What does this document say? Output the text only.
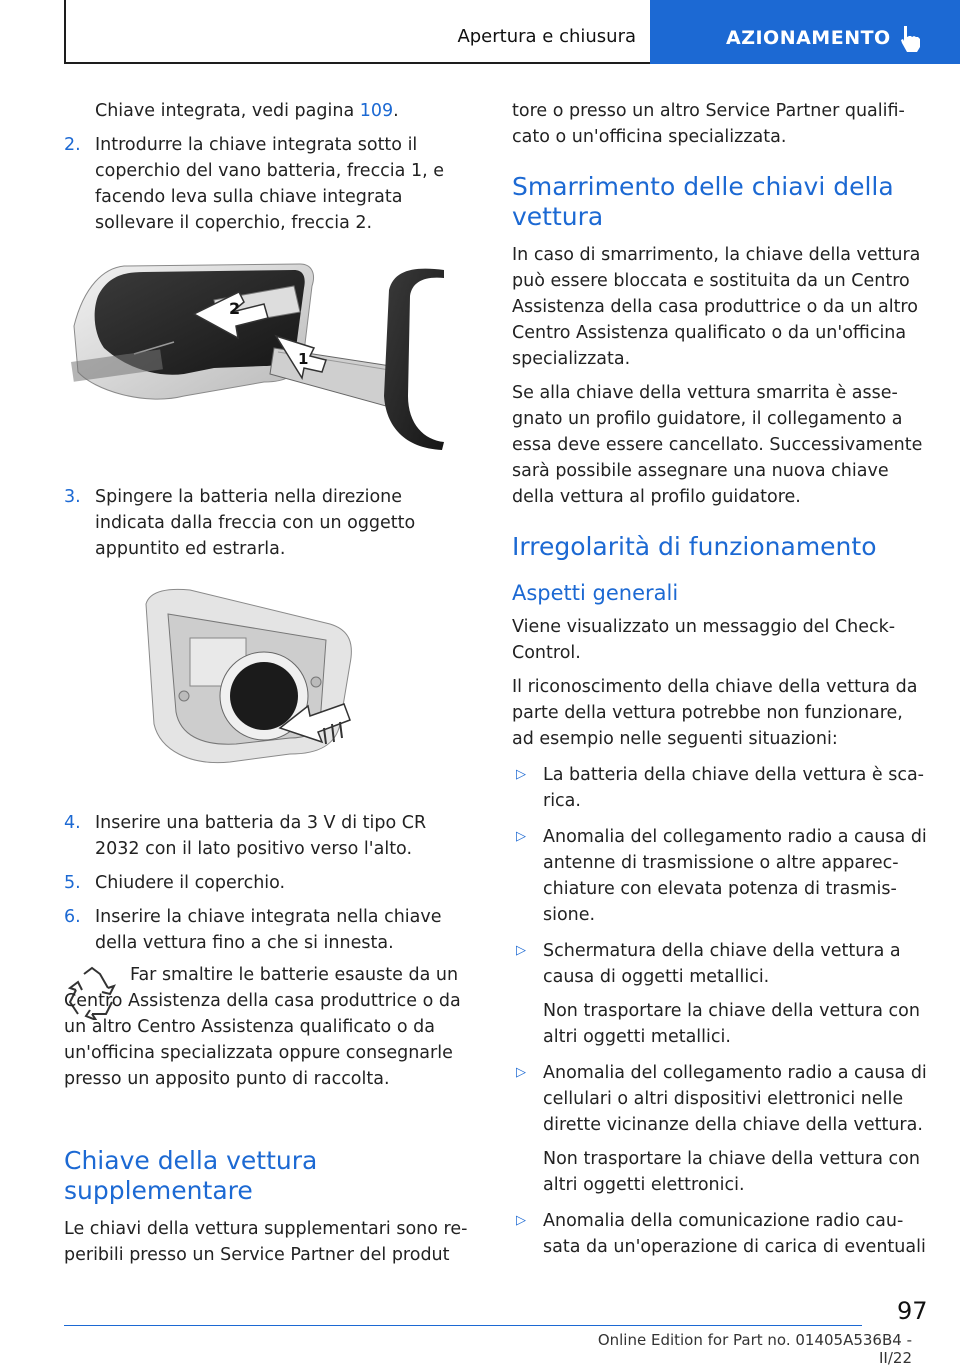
Apertura e chiusura	AZIONAMENTO

Chiave integrata, vedi pagina 109.

2. Introdurre la chiave integrata sotto il coperchio del vano batteria, freccia 1, e facendo leva sulla chiave integrata sollevare il coperchio, freccia 2.

2
1

3. Spingere la batteria nella direzione indicata dalla freccia con un oggetto appuntito ed estrarla.

4. Inserire una batteria da 3 V di tipo CR 2032 con il lato positivo verso l'alto.

5. Chiudere il coperchio.

6. Inserire la chiave integrata nella chiave della vettura fino a che si innesta.

Far smaltire le batterie esauste da un Centro Assistenza della casa produttrice o da un altro Centro Assistenza qualificato o da un'officina specializzata oppure consegnarle presso un apposito punto di raccolta.

Chiave della vettura supplementare

Le chiavi della vettura supplementari sono reperibili presso un Service Partner del produt

tore o presso un altro Service Partner qualificato o un'officina specializzata.

Smarrimento delle chiavi della vettura

In caso di smarrimento, la chiave della vettura può essere bloccata e sostituita da un Centro Assistenza della casa produttrice o da un altro Centro Assistenza qualificato o da un'officina specializzata.

Se alla chiave della vettura smarrita è assegnato un profilo guidatore, il collegamento a essa deve essere cancellato. Successivamente sarà possibile assegnare una nuova chiave della vettura al profilo guidatore.

Irregolarità di funzionamento
Aspetti generali

Viene visualizzato un messaggio del Check-Control.

Il riconoscimento della chiave della vettura da parte della vettura potrebbe non funzionare, ad esempio nelle seguenti situazioni:

▷ La batteria della chiave della vettura è scarica.

▷ Anomalia del collegamento radio a causa di antenne di trasmissione o altre apparecchiature con elevata potenza di trasmissione.

▷ Schermatura della chiave della vettura a causa di oggetti metallici.

Non trasportare la chiave della vettura con altri oggetti metallici.

▷ Anomalia del collegamento radio a causa di cellulari o altri dispositivi elettronici nelle dirette vicinanze della chiave della vettura.

Non trasportare la chiave della vettura con altri oggetti elettronici.

▷ Anomalia della comunicazione radio causata da un'operazione di carica di eventuali

97
Online Edition for Part no. 01405A536B4 - II/22
